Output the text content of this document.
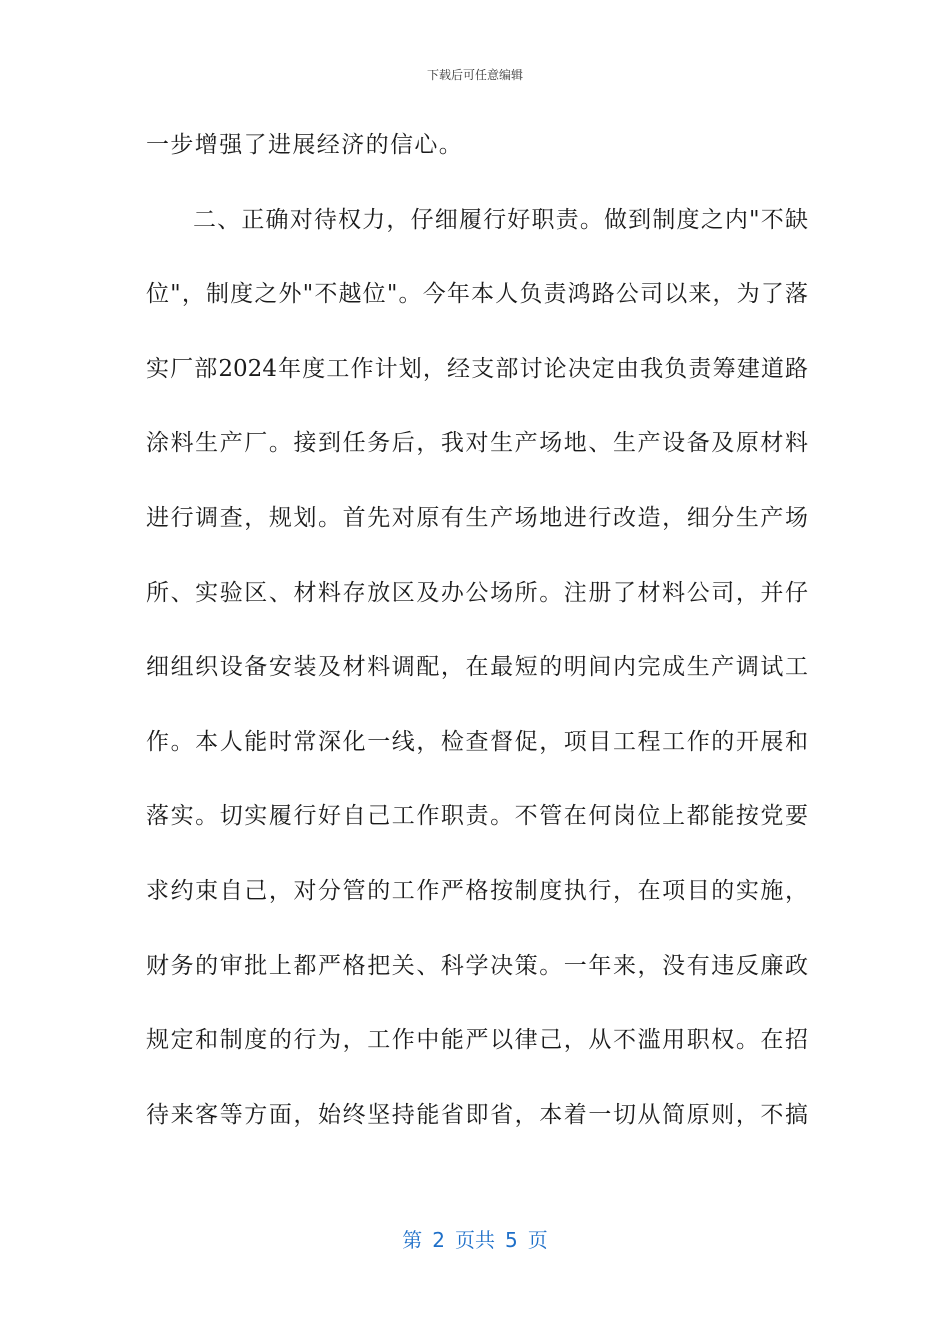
下载后可任意编辑
一步增强了进展经济的信心。
二、正确对待权力，仔细履行好职责。做到制度之内"不缺
位"，制度之外"不越位"。今年本人负责鸿路公司以来，为了落
实厂部2024年度工作计划，经支部讨论决定由我负责筹建道路
涂料生产厂。接到任务后，我对生产场地、生产设备及原材料
进行调查，规划。首先对原有生产场地进行改造，细分生产场
所、实验区、材料存放区及办公场所。注册了材料公司，并仔
细组织设备安装及材料调配，在最短的明间内完成生产调试工
作。本人能时常深化一线，检查督促，项目工程工作的开展和
落实。切实履行好自己工作职责。不管在何岗位上都能按党要
求约束自己，对分管的工作严格按制度执行，在项目的实施，
财务的审批上都严格把关、科学决策。一年来，没有违反廉政
规定和制度的行为，工作中能严以律己，从不滥用职权。在招
待来客等方面，始终坚持能省即省，本着一切从简原则，不搞
第 2 页共 5 页
